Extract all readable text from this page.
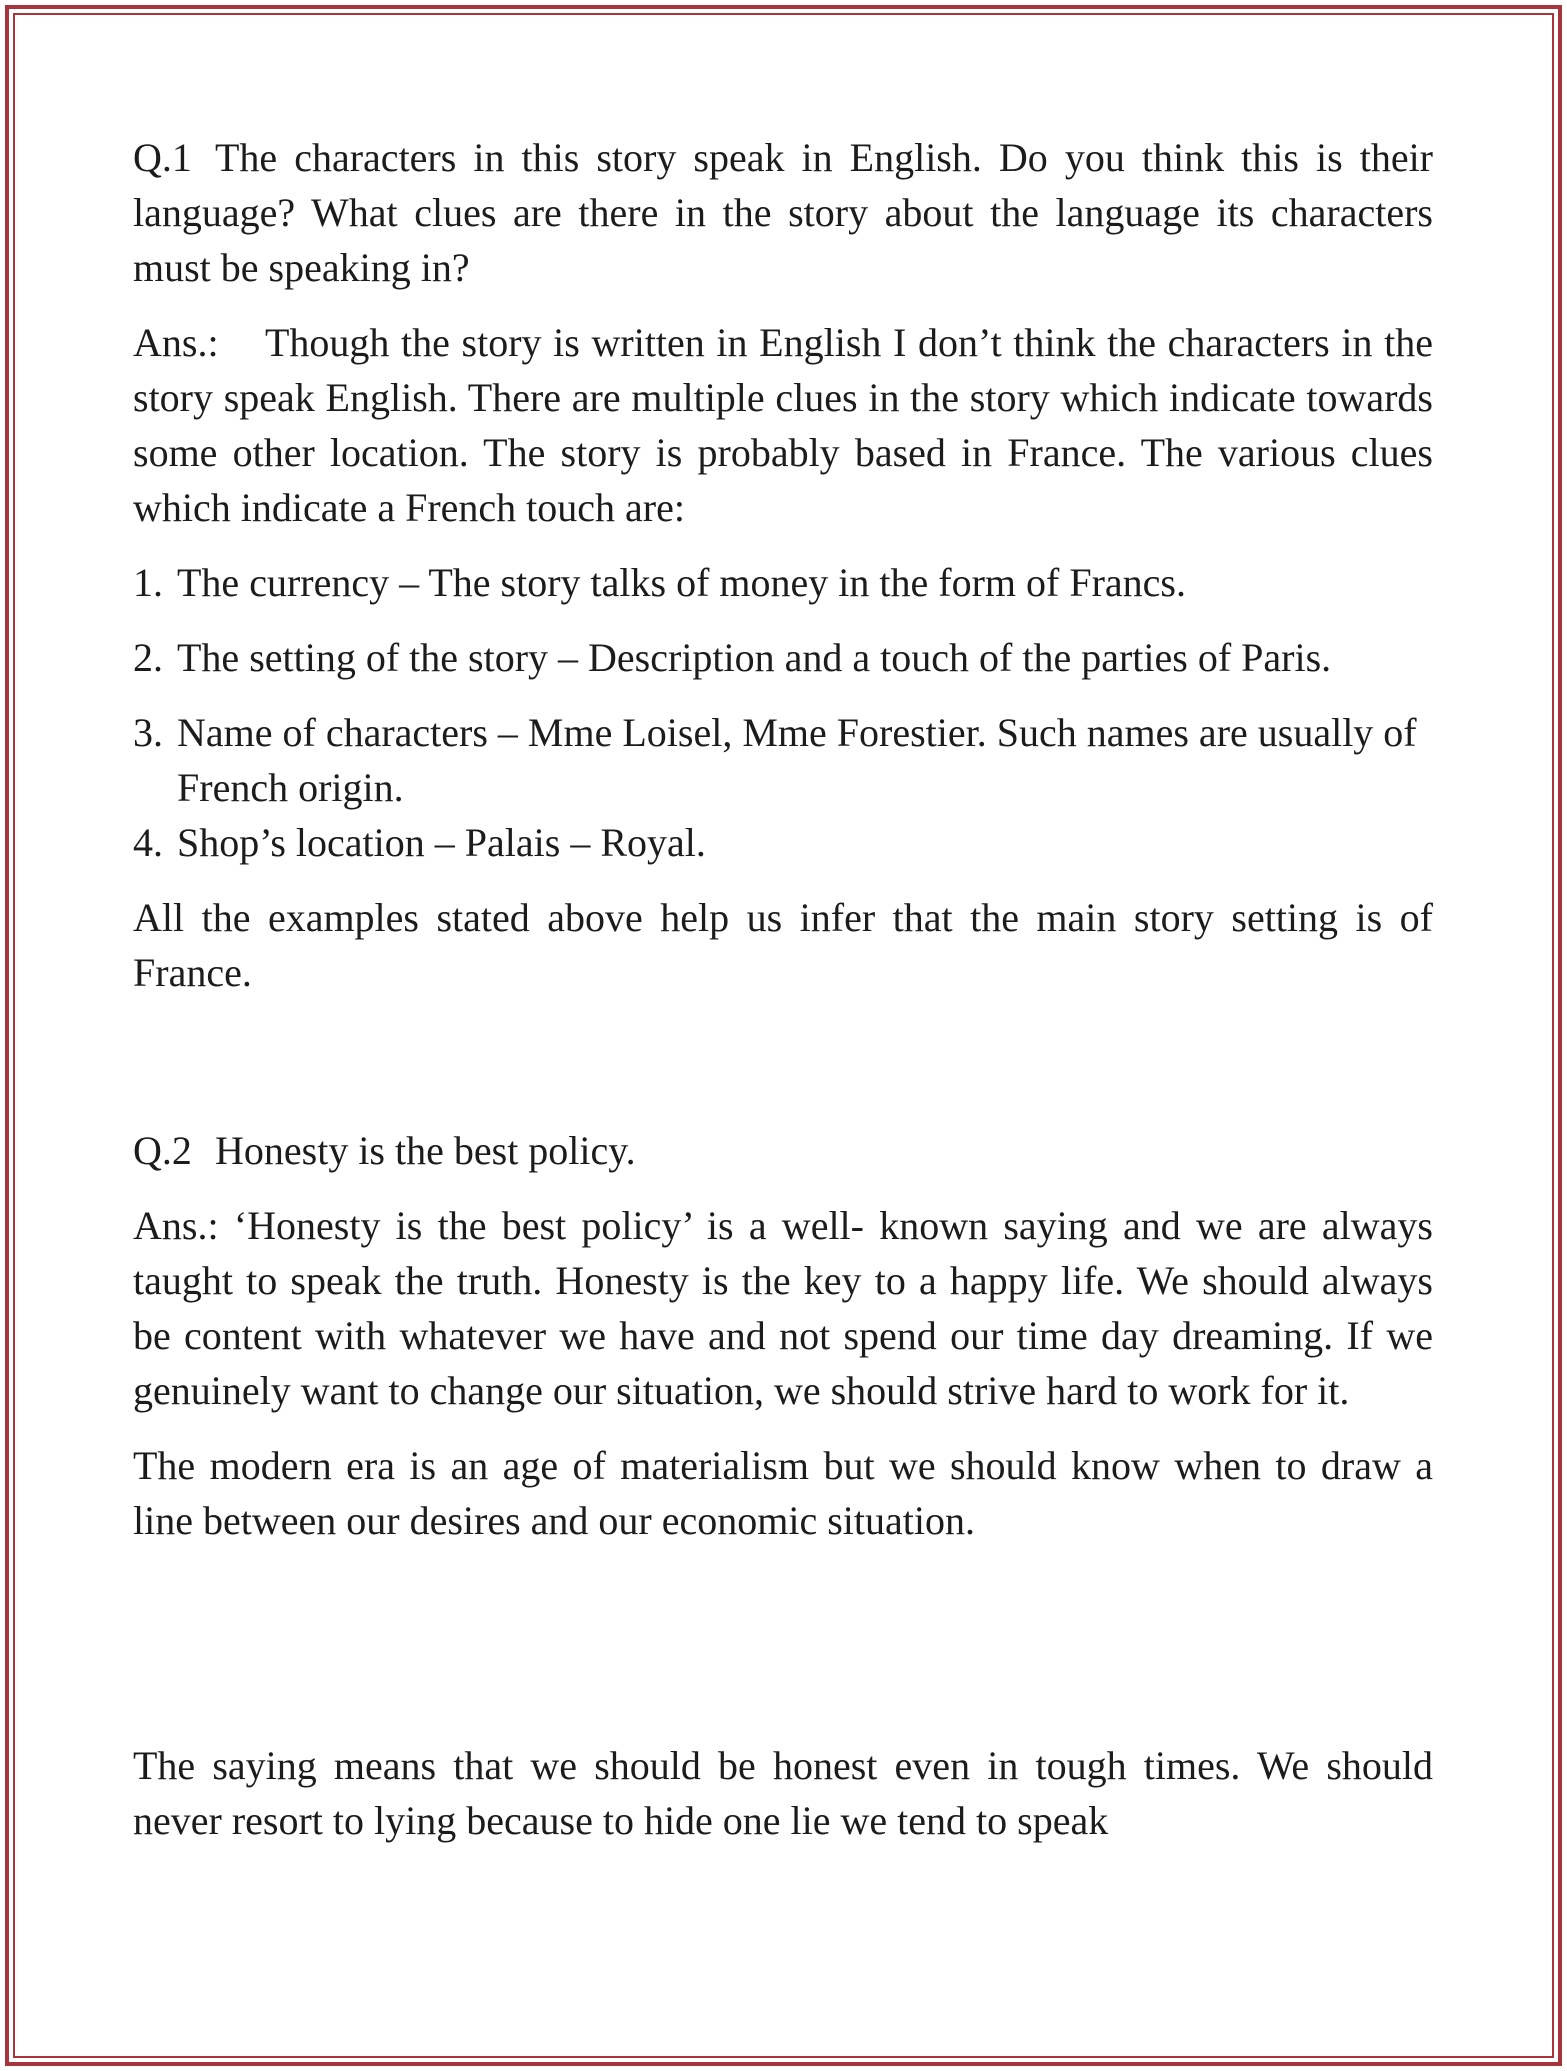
Q.1 The characters in this story speak in English. Do you think this is their language? What clues are there in the story about the language its characters must be speaking in?

Ans.: Though the story is written in English I don’t think the characters in the story speak English. There are multiple clues in the story which indicate towards some other location. The story is probably based in France. The various clues which indicate a French touch are:

1. The currency – The story talks of money in the form of Francs.
2. The setting of the story – Description and a touch of the parties of Paris.
3. Name of characters – Mme Loisel, Mme Forestier. Such names are usually of French origin.
4. Shop’s location – Palais – Royal.

All the examples stated above help us infer that the main story setting is of France.

Q.2 Honesty is the best policy.

Ans.: ‘Honesty is the best policy’ is a well- known saying and we are always taught to speak the truth. Honesty is the key to a happy life. We should always be content with whatever we have and not spend our time day dreaming. If we genuinely want to change our situation, we should strive hard to work for it.

The modern era is an age of materialism but we should know when to draw a line between our desires and our economic situation.

The saying means that we should be honest even in tough times. We should never resort to lying because to hide one lie we tend to speak
